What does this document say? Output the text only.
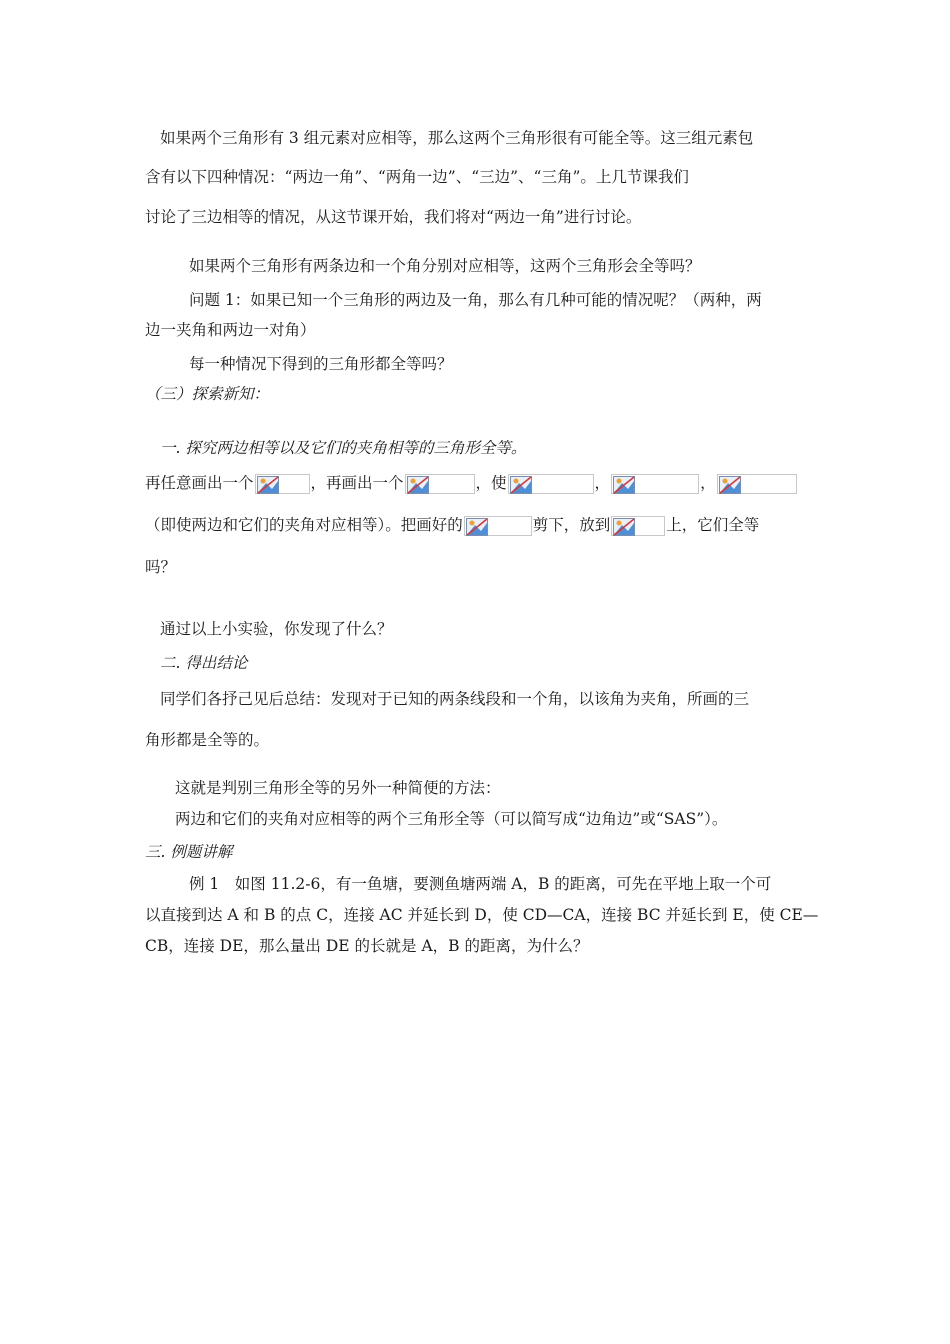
如果两个三角形有 3 组元素对应相等，那么这两个三角形很有可能全等。这三组元素包
含有以下四种情况：“两边一角”、“两角一边”、“三边”、“三角”。上几节课我们
讨论了三边相等的情况，从这节课开始，我们将对“两边一角”进行讨论。
如果两个三角形有两条边和一个角分别对应相等，这两个三角形会全等吗？
问题 1：如果已知一个三角形的两边及一角，那么有几种可能的情况呢？（两种，两
边一夹角和两边一对角）
每一种情况下得到的三角形都全等吗？
（三）探索新知：
一. 探究两边相等以及它们的夹角相等的三角形全等。
再任意画出一个	，再画出一个	，使	，	，
（即使两边和它们的夹角对应相等）。把画好的	剪下，放到	上，它们全等
吗？
通过以上小实验，你发现了什么？
二. 得出结论
同学们各抒己见后总结：发现对于已知的两条线段和一个角，以该角为夹角，所画的三
角形都是全等的。
这就是判别三角形全等的另外一种简便的方法：
两边和它们的夹角对应相等的两个三角形全等（可以简写成“边角边”或“SAS”）。
三. 例题讲解
例 1　如图 11.2-6，有一鱼塘，要测鱼塘两端 A，B 的距离，可先在平地上取一个可
以直接到达 A 和 B 的点 C，连接 AC 并延长到 D，使 CD—CA，连接 BC 并延长到 E，使 CE—
CB，连接 DE，那么量出 DE 的长就是 A，B 的距离，为什么？
